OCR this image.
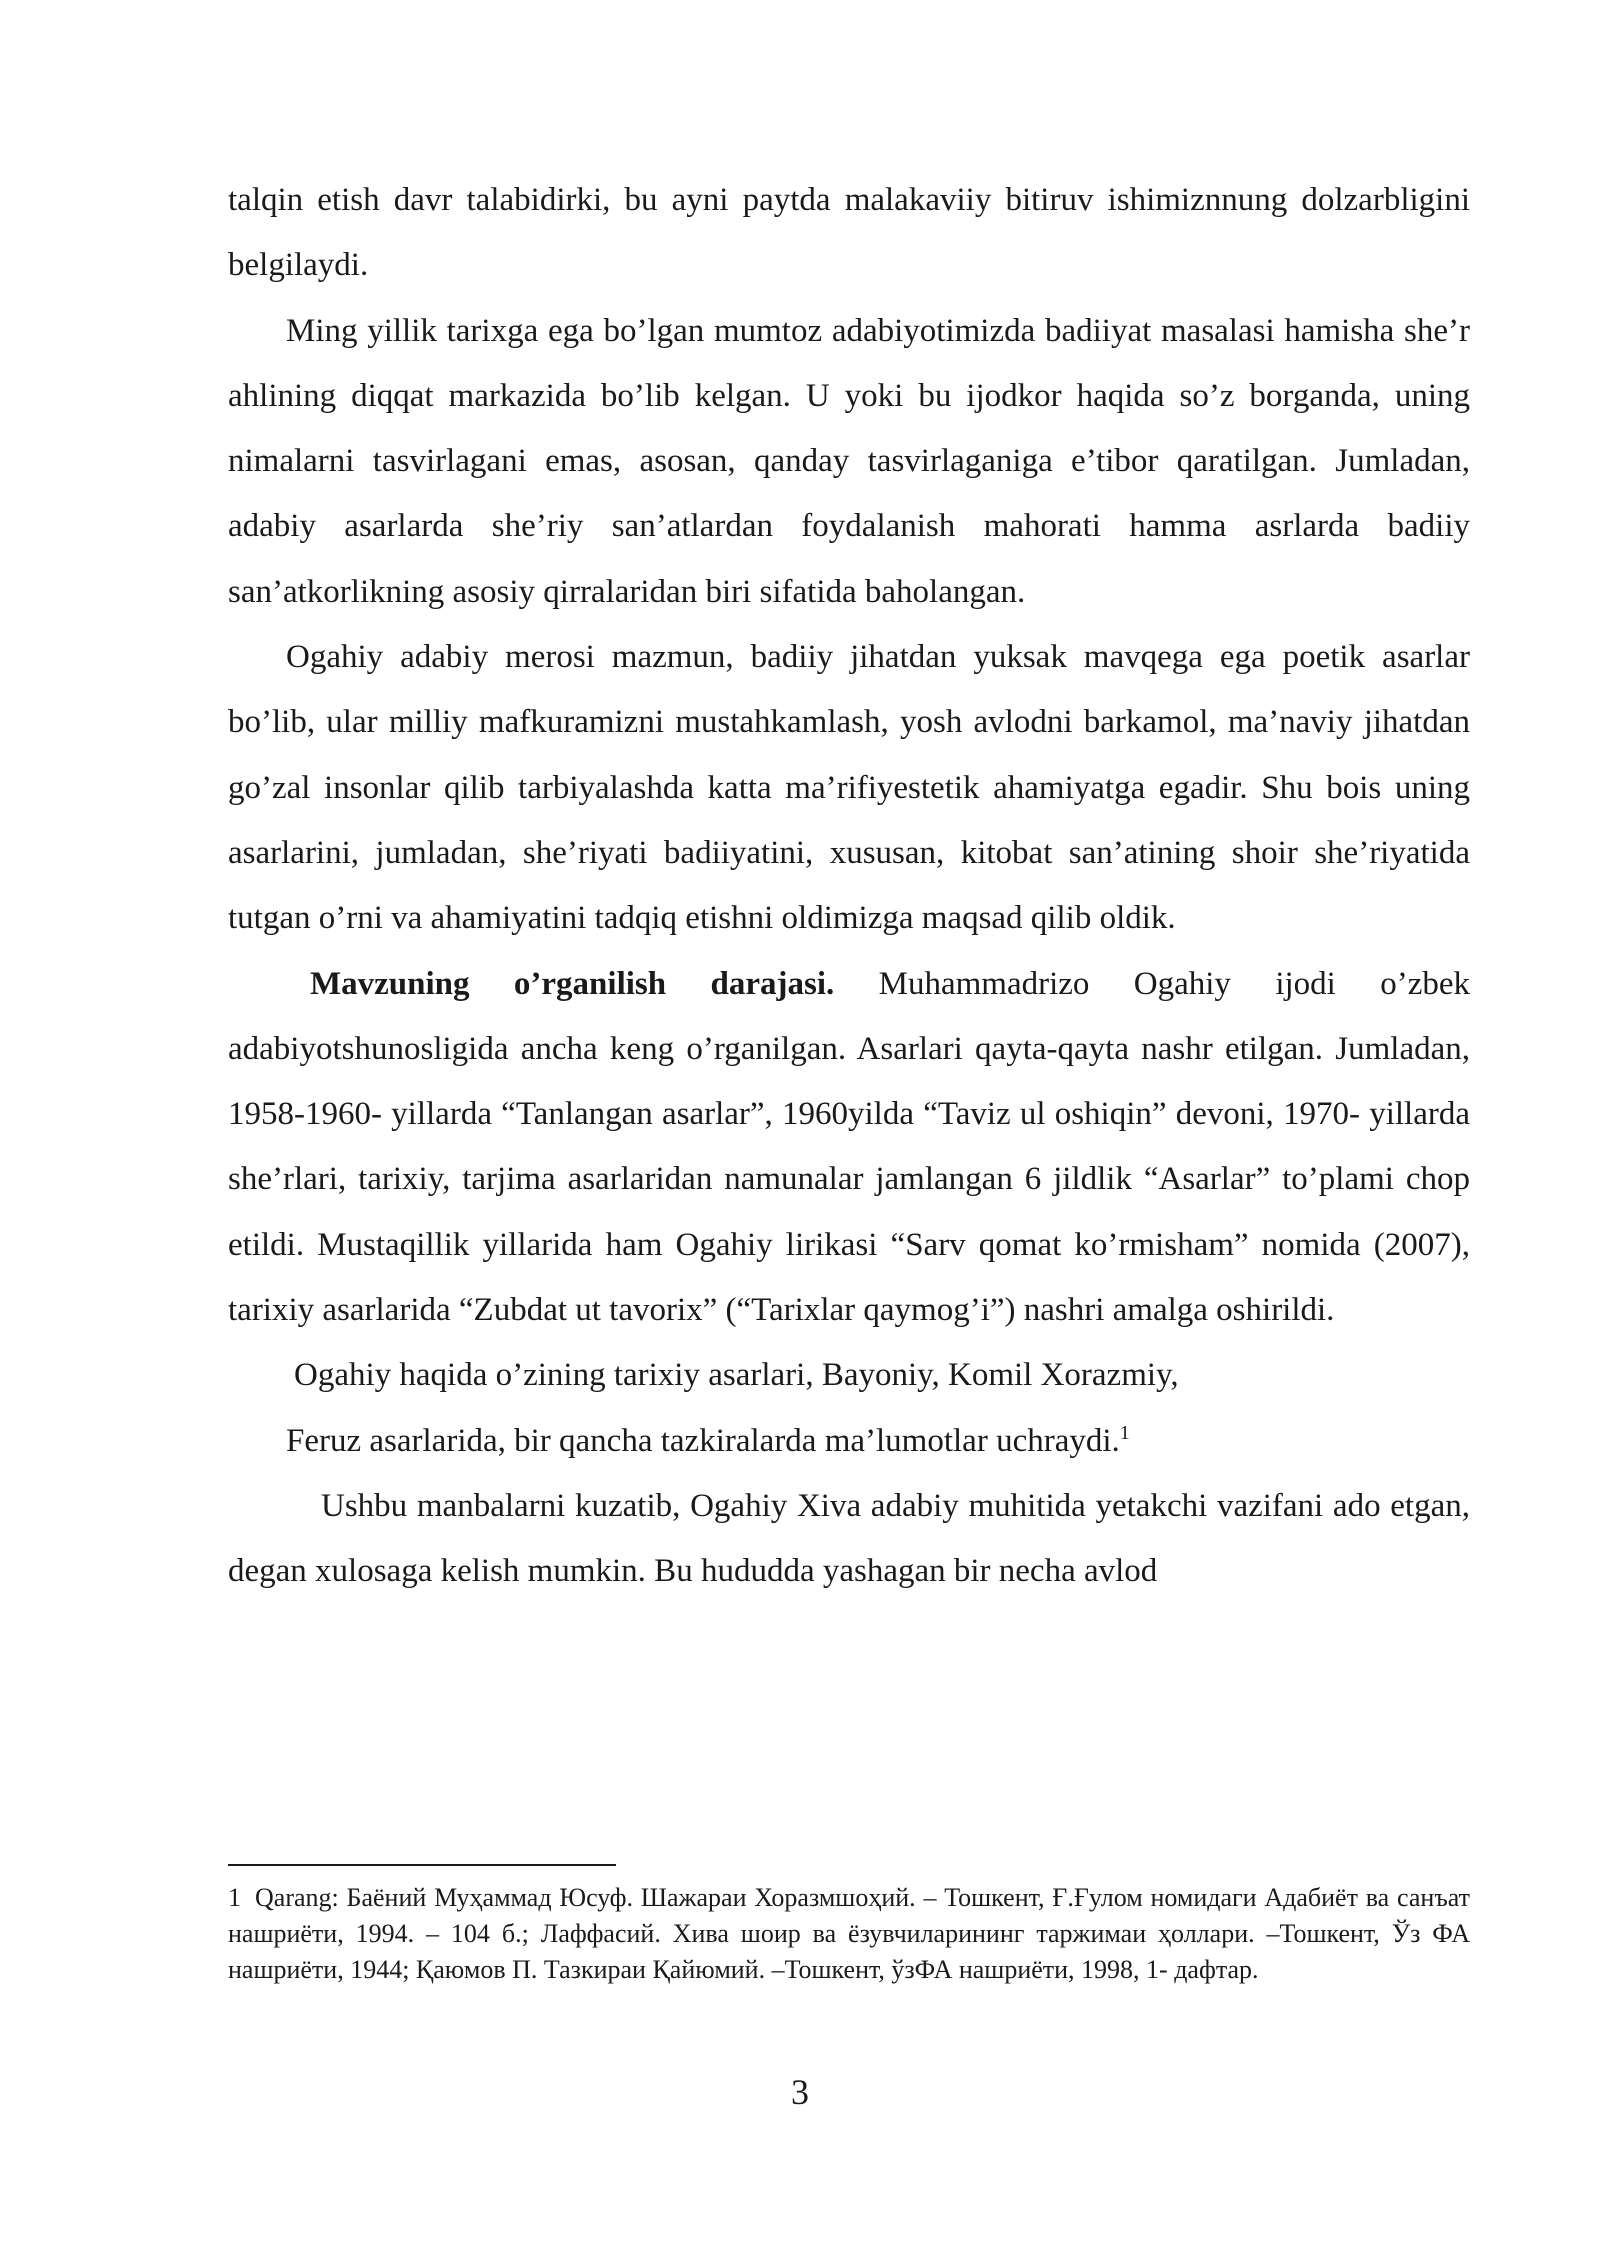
talqin etish davr talabidirki, bu ayni paytda malakaviiy bitiruv ishimiznnung dolzarbligini belgilaydi.

Ming yillik tarixga ega bo’lgan mumtoz adabiyotimizda badiiyat masalasi hamisha she’r ahlining diqqat markazida bo’lib kelgan. U yoki bu ijodkor haqida so’z borganda, uning nimalarni tasvirlagani emas, asosan, qanday tasvirlaganiga e’tibor qaratilgan. Jumladan, adabiy asarlarda she’riy san’atlardan foydalanish mahorati hamma asrlarda badiiy san’atkorlikning asosiy qirralaridan biri sifatida baholangan.

Ogahiy adabiy merosi mazmun, badiiy jihatdan yuksak mavqega ega poetik asarlar bo’lib, ular milliy mafkuramizni mustahkamlash, yosh avlodni barkamol, ma’naviy jihatdan go’zal insonlar qilib tarbiyalashda katta ma’rifiyestetik ahamiyatga egadir. Shu bois uning asarlarini, jumladan, she’riyati badiiyatini, xususan, kitobat san’atining shoir she’riyatida tutgan o’rni va ahamiyatini tadqiq etishni oldimizga maqsad qilib oldik.

Mavzuning o’rganilish darajasi. Muhammadrizo Ogahiy ijodi o’zbek adabiyotshunosligida ancha keng o’rganilgan. Asarlari qayta-qayta nashr etilgan. Jumladan, 1958-1960- yillarda “Tanlangan asarlar”, 1960yilda “Taviz ul oshiqin” devoni, 1970- yillarda she’rlari, tarixiy, tarjima asarlaridan namunalar jamlangan 6 jildlik “Asarlar” to’plami chop etildi. Mustaqillik yillarida ham Ogahiy lirikasi “Sarv qomat ko’rmisham” nomida (2007), tarixiy asarlarida “Zubdat ut tavorix” (“Tarixlar qaymog’i”) nashri amalga oshirildi.

Ogahiy haqida o’zining tarixiy asarlari, Bayoniy, Komil Xorazmiy,

Feruz asarlarida, bir qancha tazkiralarda ma’lumotlar uchraydi.$^1$

Ushbu manbalarni kuzatib, Ogahiy Xiva adabiy muhitida yetakchi vazifani ado etgan, degan xulosaga kelish mumkin. Bu hududda yashagan bir necha avlod

1 Qarang: Баёний Муҳаммад Юсуф. Шажараи Хоразмшоҳий. – Тошкент, Ғ.Ғулом номидаги Адабиёт ва санъат нашриёти, 1994. – 104 б.; Лаффасий. Хива шоир ва ёзувчиларининг таржимаи ҳоллари. –Тошкент, Ўз ФА нашриёти, 1944; Қаюмов П. Тазкираи Қайюмий. –Тошкент, ўзФА нашриёти, 1998, 1- дафтар.

3
